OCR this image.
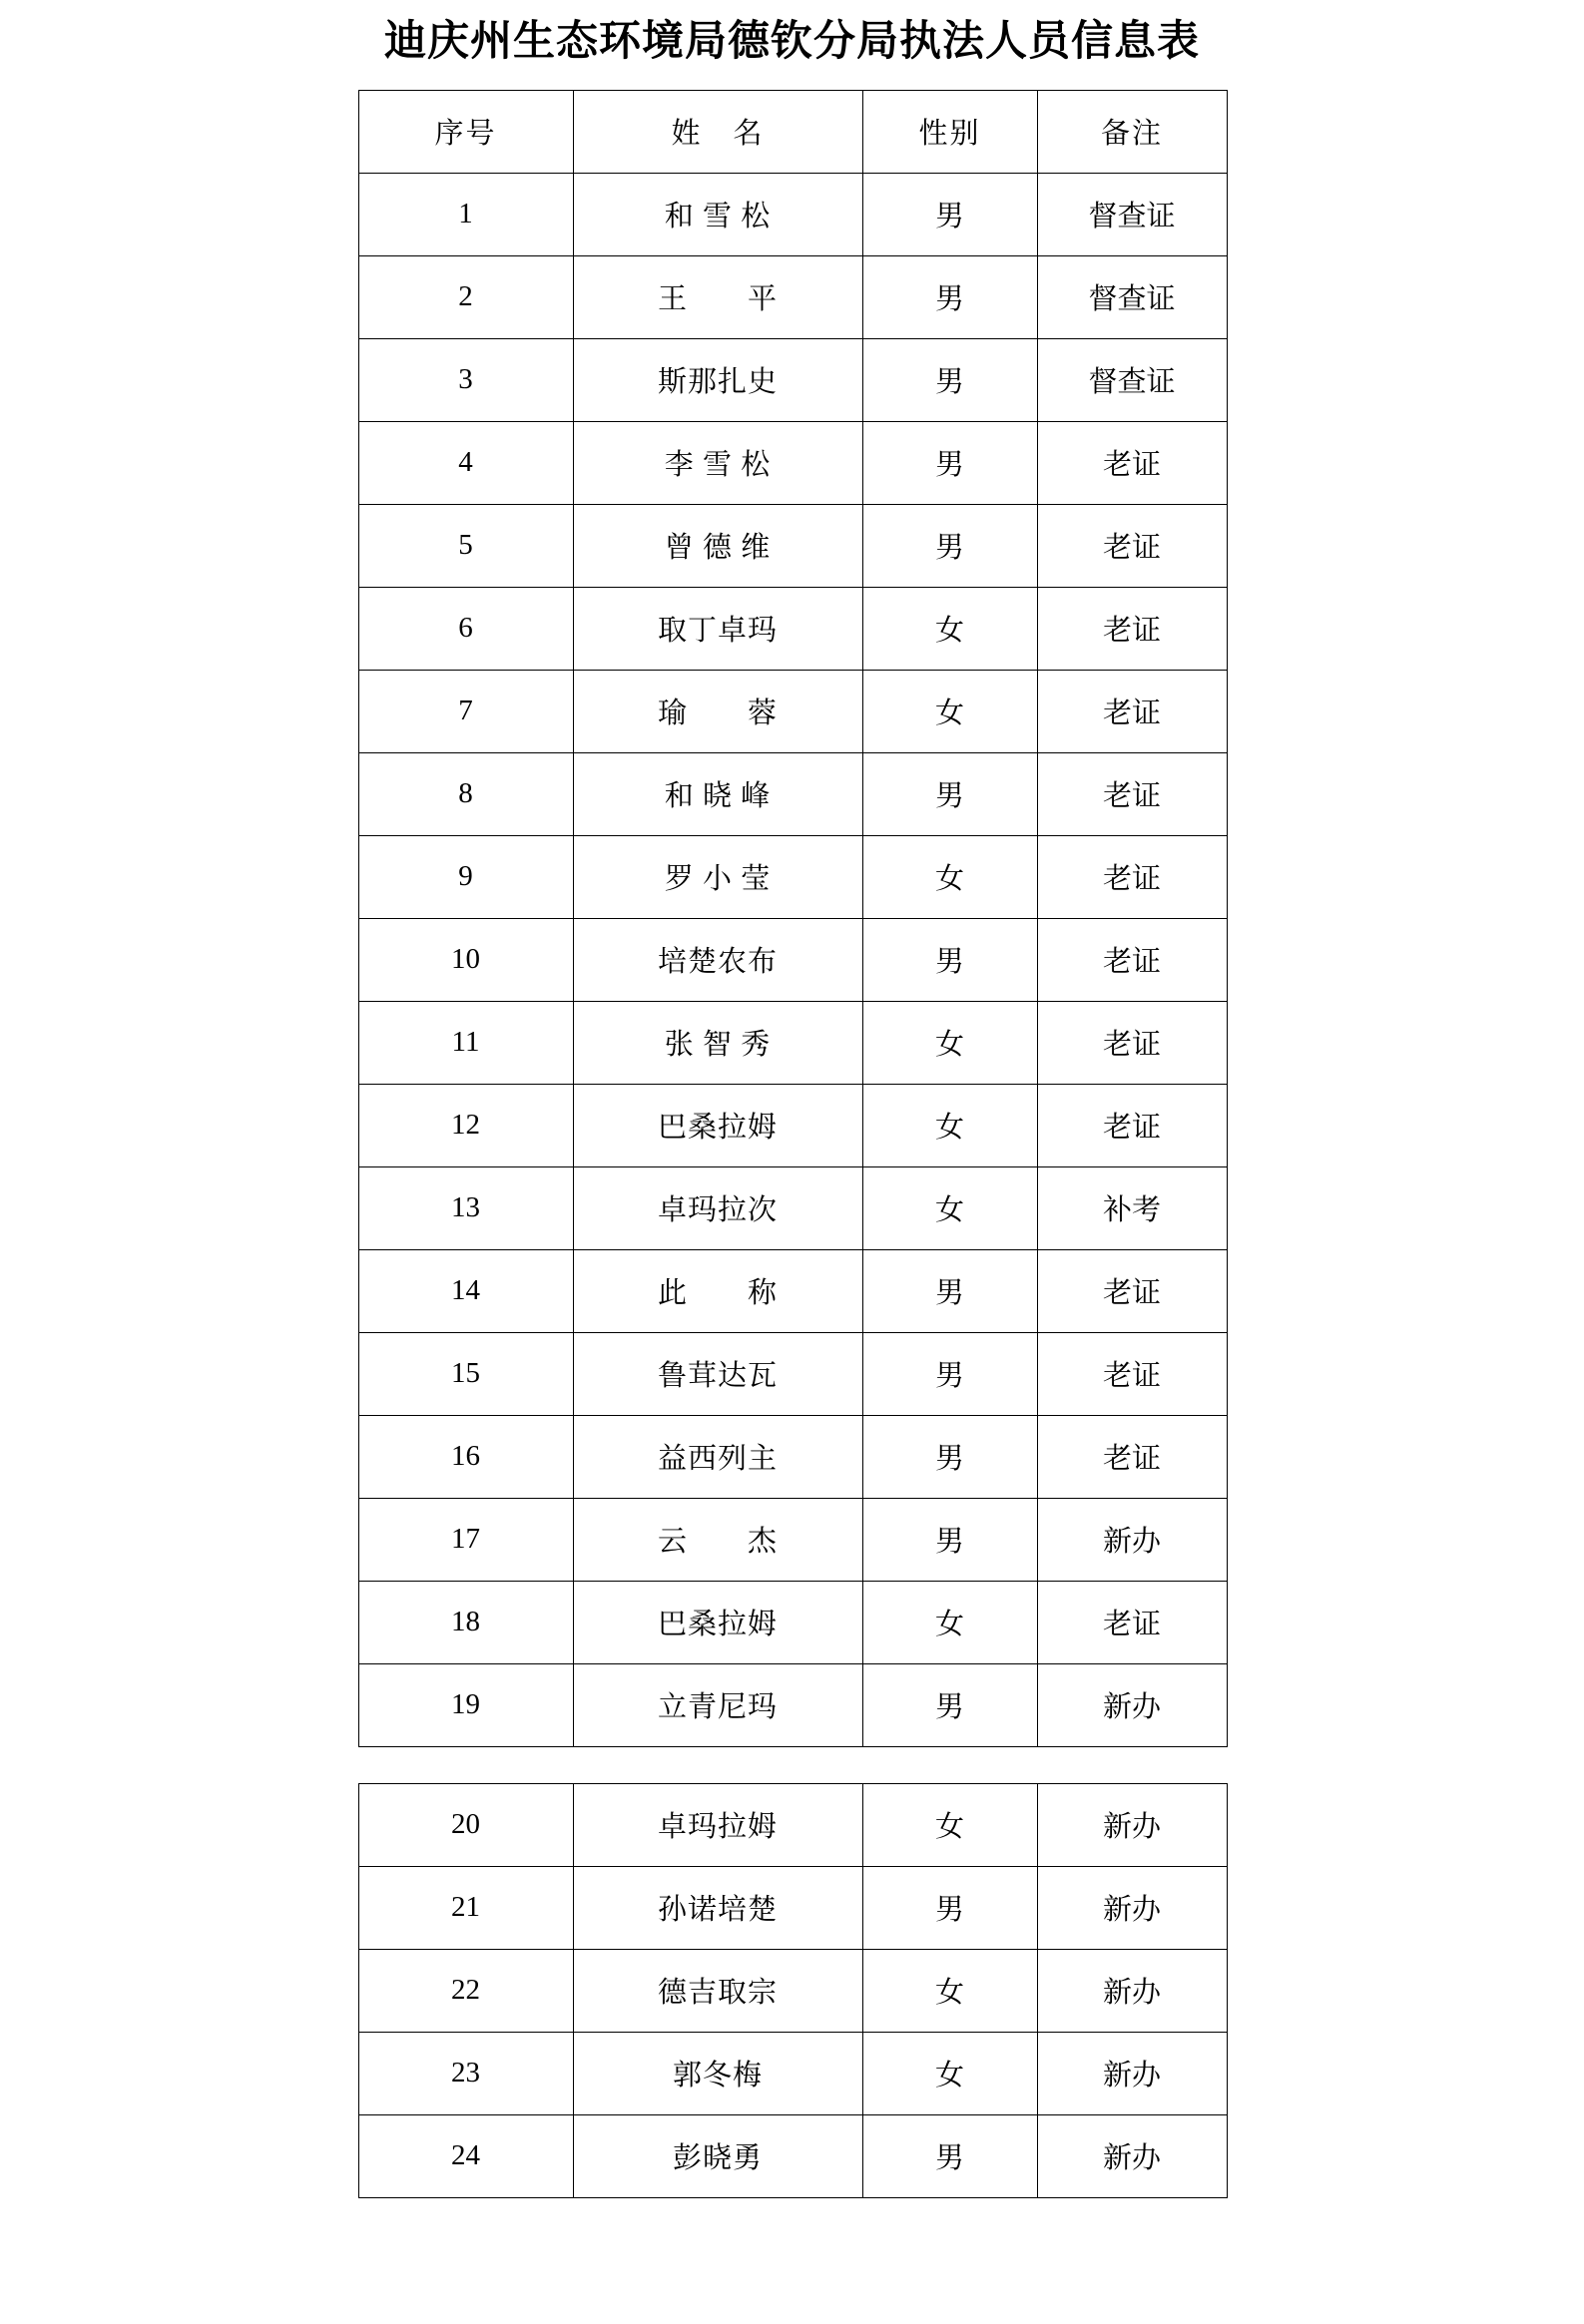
迪庆州生态环境局德钦分局执法人员信息表
序号	姓　名	性别	备注
1	和 雪 松	男	督查证
2	王　　平	男	督查证
3	斯那扎史	男	督查证
4	李 雪 松	男	老证
5	曾 德 维	男	老证
6	取丁卓玛	女	老证
7	瑜　　蓉	女	老证
8	和 晓 峰	男	老证
9	罗 小 莹	女	老证
10	培楚农布	男	老证
11	张 智 秀	女	老证
12	巴桑拉姆	女	老证
13	卓玛拉次	女	补考
14	此　　称	男	老证
15	鲁茸达瓦	男	老证
16	益西列主	男	老证
17	云　　杰	男	新办
18	巴桑拉姆	女	老证
19	立青尼玛	男	新办
20	卓玛拉姆	女	新办
21	孙诺培楚	男	新办
22	德吉取宗	女	新办
23	郭冬梅	女	新办
24	彭晓勇	男	新办
